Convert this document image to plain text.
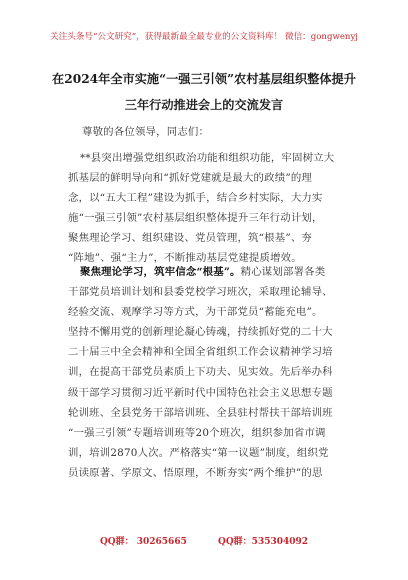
关注头条号“公文研究”，获得最新最全最专业的公文资料库！ 微信：gongwenyj
在2024年全市实施“一强三引领”农村基层组织整体提升
三年行动推进会上的交流发言
尊敬的各位领导，同志们：
**县突出增强党组织政治功能和组织功能，牢固树立大
抓基层的鲜明导向和“抓好党建就是最大的政绩”的理
念，以“五大工程”建设为抓手，结合乡村实际，大力实
施“一强三引领”农村基层组织整体提升三年行动计划，
聚焦理论学习、组织建设、党员管理，筑“根基”、夯
“阵地”、强“主力”，不断推动基层党建提质增效。
聚焦理论学习，筑牢信念“根基”。精心谋划部署各类
干部党员培训计划和县委党校学习班次，采取理论辅导、
经验交流、观摩学习等方式，为干部党员“蓄能充电”。
坚持不懈用党的创新理论凝心铸魂，持续抓好党的二十大
二十届三中全会精神和全国全省组织工作会议精神学习培
训，在提高干部党员素质上下功夫、见实效。先后举办科
级干部学习贯彻习近平新时代中国特色社会主义思想专题
轮训班、全县党务干部培训班、全县驻村帮扶干部培训班
“一强三引领”专题培训班等20个班次，组织参加省市调
训，培训2870人次。严格落实“第一议题”制度，组织党
员读原著、学原文、悟原理，不断夯实“两个维护”的思
QQ群： 30265665	QQ群：535304092
